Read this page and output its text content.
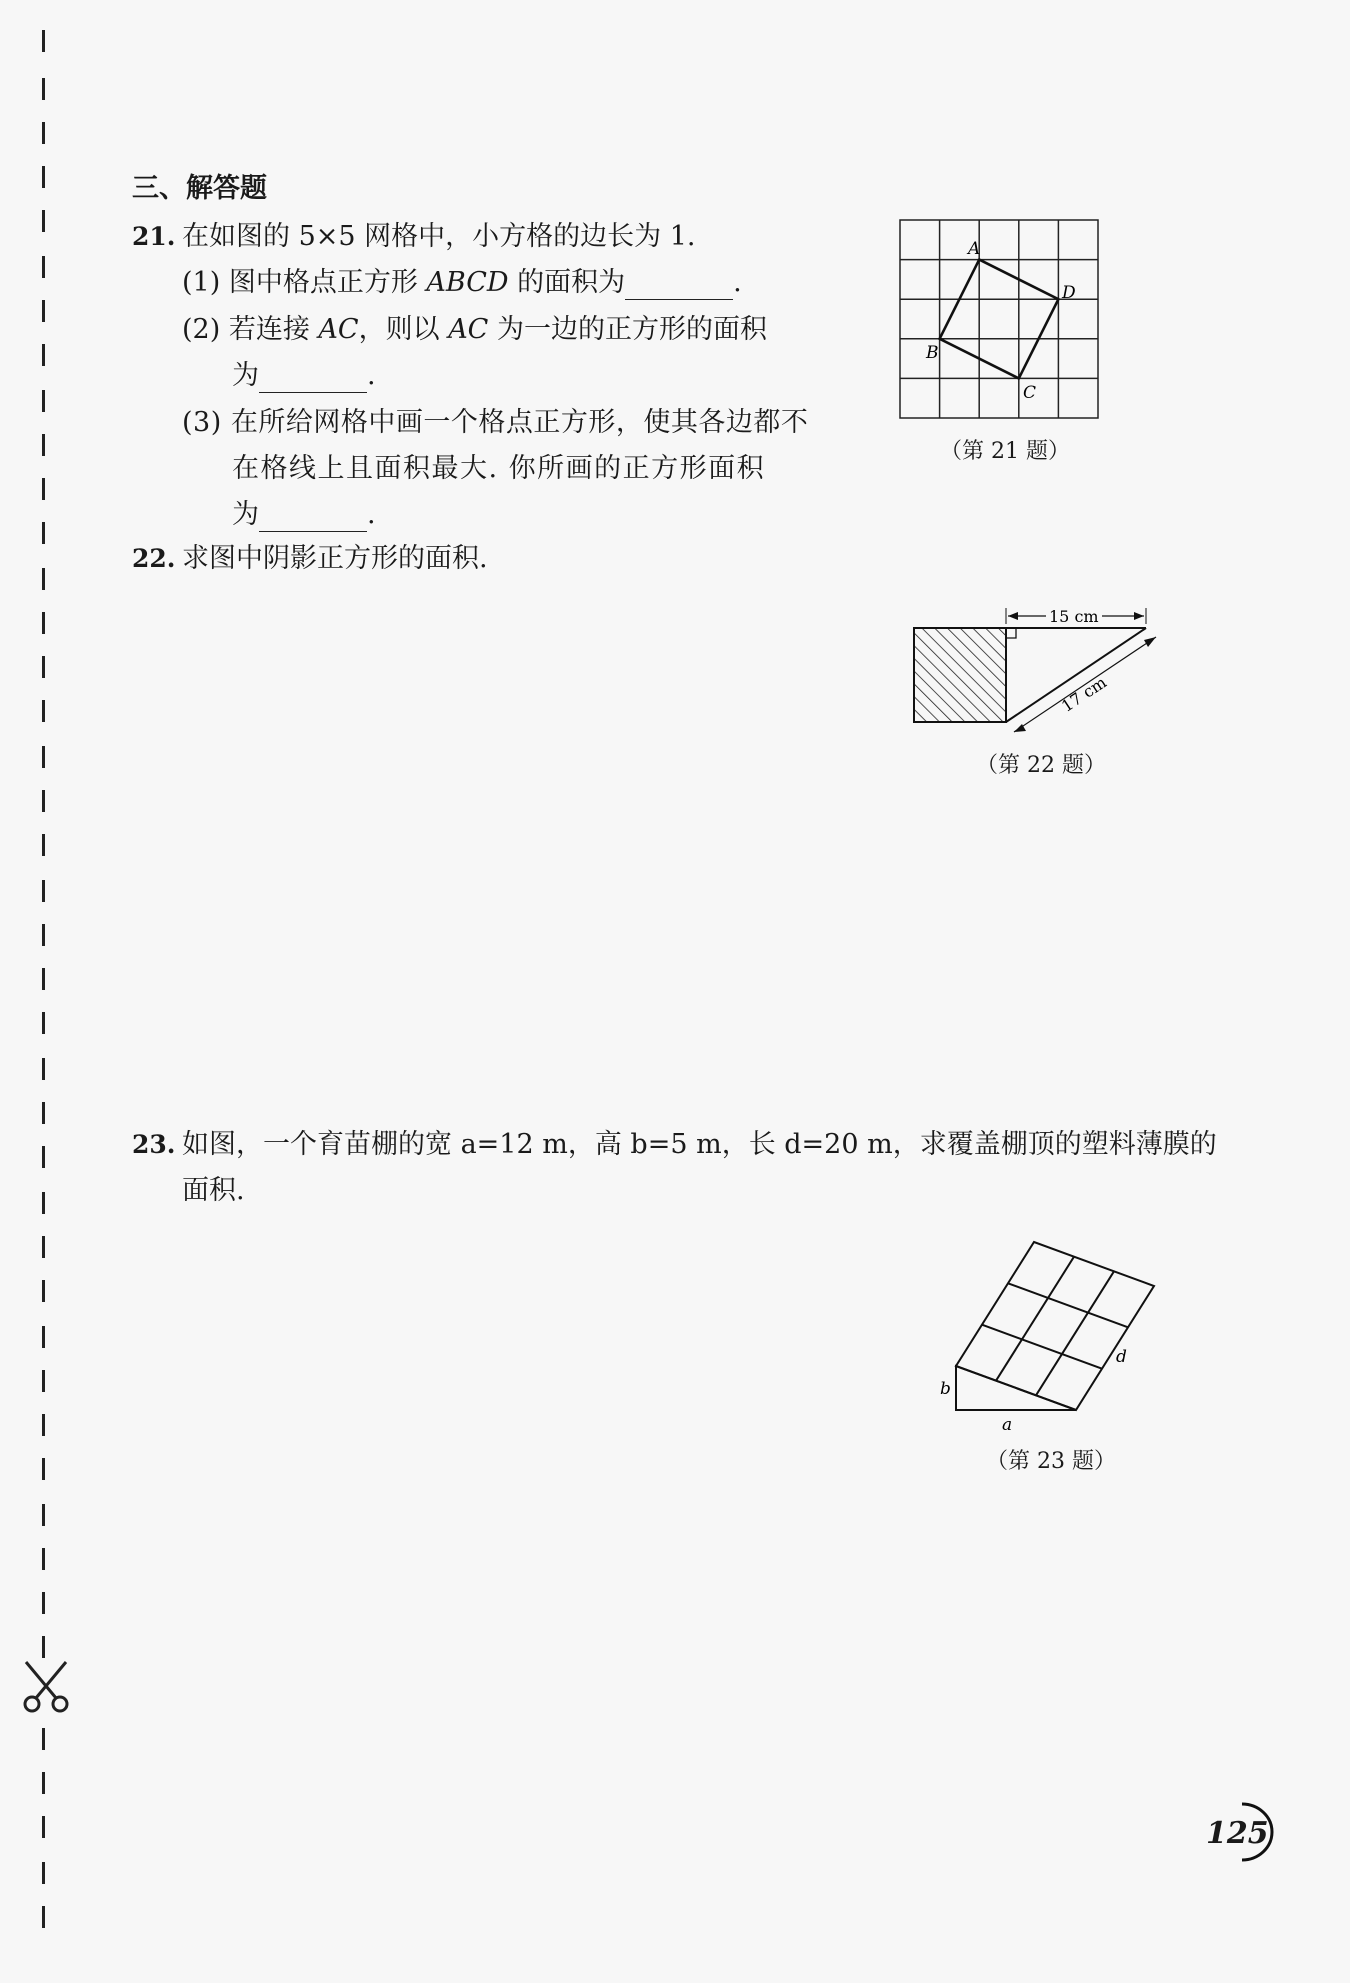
三、解答题
21. 在如图的 5×5 网格中，小方格的边长为 1.
(1) 图中格点正方形 ABCD 的面积为	.
(2) 若连接 AC，则以 AC 为一边的正方形的面积
为	.
(3) 在所给网格中画一个格点正方形，使其各边都不
在格线上且面积最大. 你所画的正方形面积
为	.
A
D
B
C
（第 21 题）
22. 求图中阴影正方形的面积.
15 cm
17 cm
（第 22 题）
23. 如图，一个育苗棚的宽 a=12 m，高 b=5 m，长 d=20 m，求覆盖棚顶的塑料薄膜的
面积.
b
a
d
（第 23 题）
125
